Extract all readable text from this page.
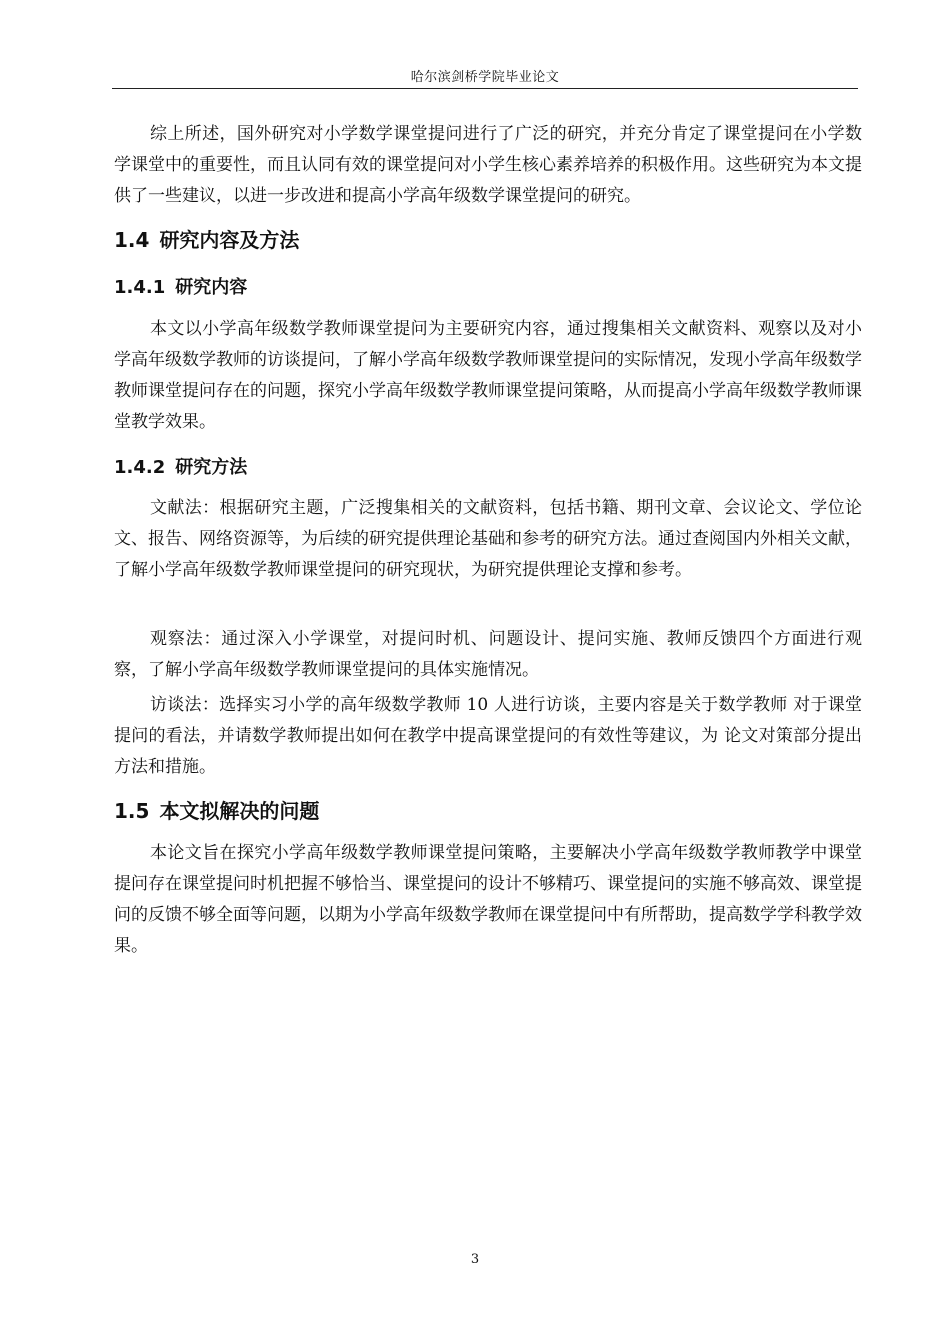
哈尔滨剑桥学院毕业论文

综上所述，国外研究对小学数学课堂提问进行了广泛的研究，并充分肯定了课堂提问在小学数学课堂中的重要性，而且认同有效的课堂提问对小学生核心素养培养的积极作用。这些研究为本文提供了一些建议，以进一步改进和提高小学高年级数学课堂提问的研究。

1.4 研究内容及方法
1.4.1 研究内容

本文以小学高年级数学教师课堂提问为主要研究内容，通过搜集相关文献资料、观察以及对小学高年级数学教师的访谈提问，了解小学高年级数学教师课堂提问的实际情况，发现小学高年级数学教师课堂提问存在的问题，探究小学高年级数学教师课堂提问策略，从而提高小学高年级数学教师课堂教学效果。

1.4.2 研究方法

文献法：根据研究主题，广泛搜集相关的文献资料，包括书籍、期刊文章、会议论文、学位论文、报告、网络资源等，为后续的研究提供理论基础和参考的研究方法。通过查阅国内外相关文献，了解小学高年级数学教师课堂提问的研究现状，为研究提供理论支撑和参考。

观察法：通过深入小学课堂，对提问时机、问题设计、提问实施、教师反馈四个方面进行观察，了解小学高年级数学教师课堂提问的具体实施情况。

访谈法：选择实习小学的高年级数学教师 10 人进行访谈，主要内容是关于数学教师 对于课堂提问的看法，并请数学教师提出如何在教学中提高课堂提问的有效性等建议，为 论文对策部分提出方法和措施。

1.5 本文拟解决的问题

本论文旨在探究小学高年级数学教师课堂提问策略，主要解决小学高年级数学教师教学中课堂提问存在课堂提问时机把握不够恰当、课堂提问的设计不够精巧、课堂提问的实施不够高效、课堂提问的反馈不够全面等问题，以期为小学高年级数学教师在课堂提问中有所帮助，提高数学学科教学效果。

3
